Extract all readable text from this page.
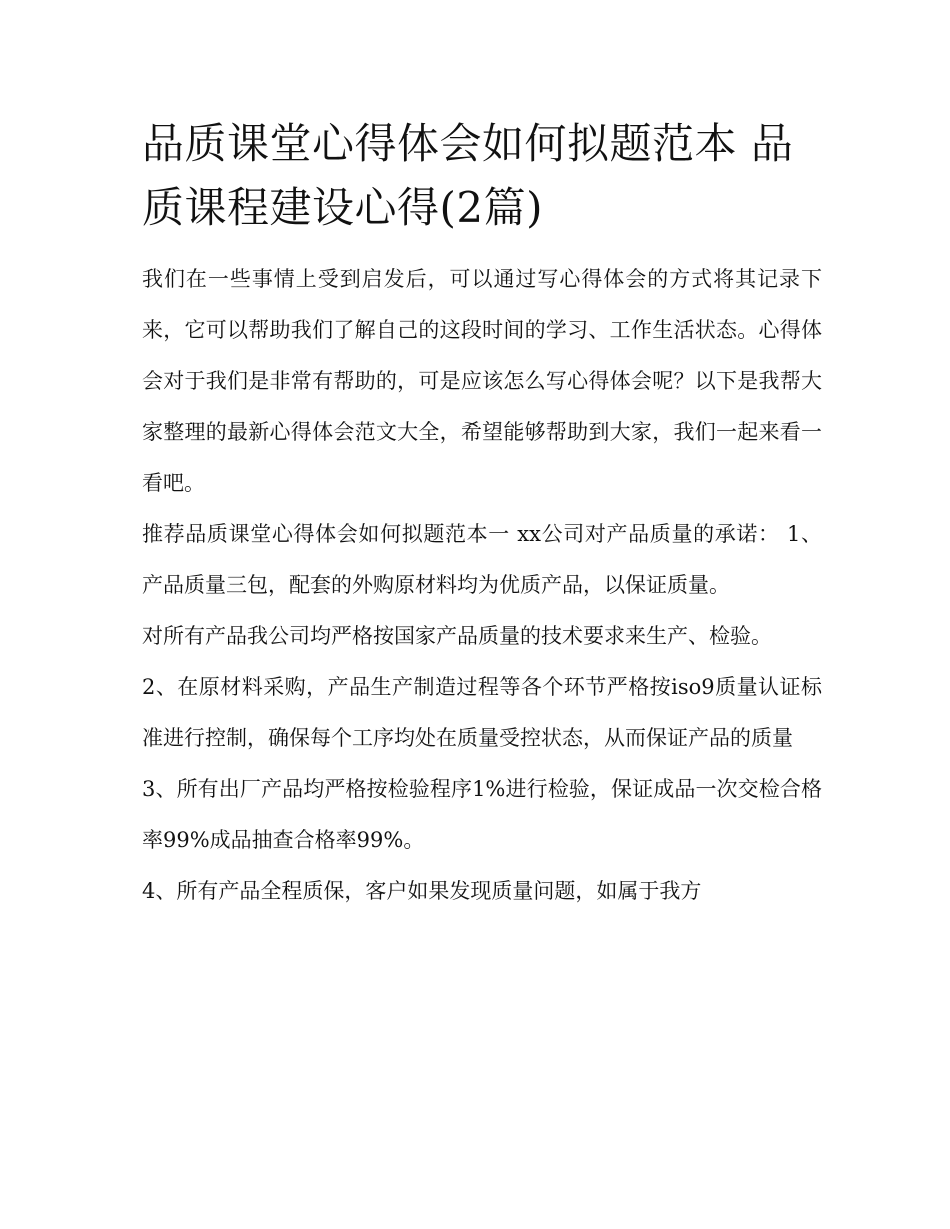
品质课堂心得体会如何拟题范本 品质课程建设心得(2篇)

我们在一些事情上受到启发后，可以通过写心得体会的方式将其记录下来，它可以帮助我们了解自己的这段时间的学习、工作生活状态。心得体会对于我们是非常有帮助的，可是应该怎么写心得体会呢？以下是我帮大家整理的最新心得体会范文大全，希望能够帮助到大家，我们一起来看一看吧。

推荐品质课堂心得体会如何拟题范本一 xx公司对产品质量的承诺： 1、产品质量三包，配套的外购原材料均为优质产品，以保证质量。

对所有产品我公司均严格按国家产品质量的技术要求来生产、检验。

2、在原材料采购，产品生产制造过程等各个环节严格按iso9质量认证标准进行控制，确保每个工序均处在质量受控状态，从而保证产品的质量

3、所有出厂产品均严格按检验程序1%进行检验，保证成品一次交检合格率99%成品抽查合格率99%。

4、所有产品全程质保，客户如果发现质量问题，如属于我方
